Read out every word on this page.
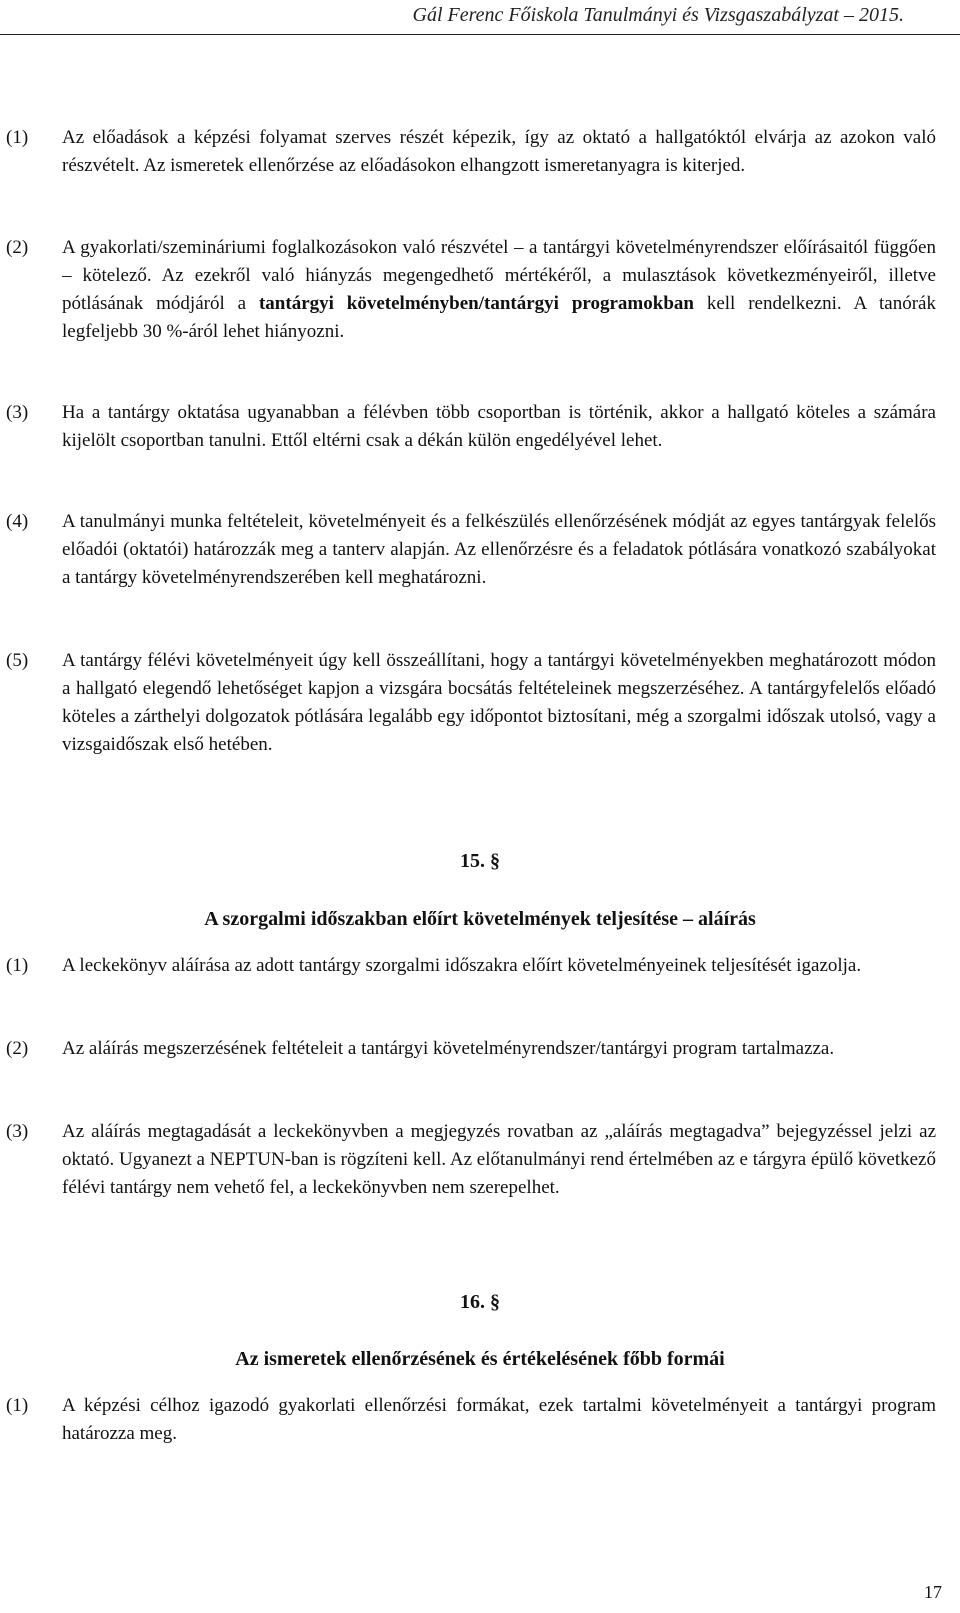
Gál Ferenc Főiskola Tanulmányi és Vizsgaszabályzat – 2015.
(1)	Az előadások a képzési folyamat szerves részét képezik, így az oktató a hallgatóktól elvárja az azokon való részvételt. Az ismeretek ellenőrzése az előadásokon elhangzott ismeretanyagra is kiterjed.
(2)	A gyakorlati/szemináriumi foglalkozásokon való részvétel – a tantárgyi követelményrendszer előírásaitól függően – kötelező. Az ezekről való hiányzás megengedhető mértékéről, a mulasztások következményeiről, illetve pótlásának módjáról a tantárgyi követelményben/tantárgyi programokban kell rendelkezni. A tanórák legfeljebb 30 %-áról lehet hiányozni.
(3)	Ha a tantárgy oktatása ugyanabban a félévben több csoportban is történik, akkor a hallgató köteles a számára kijelölt csoportban tanulni. Ettől eltérni csak a dékán külön engedélyével lehet.
(4)	A tanulmányi munka feltételeit, követelményeit és a felkészülés ellenőrzésének módját az egyes tantárgyak felelős előadói (oktatói) határozzák meg a tanterv alapján. Az ellenőrzésre és a feladatok pótlására vonatkozó szabályokat a tantárgy követelményrendszerében kell meghatározni.
(5)	A tantárgy félévi követelményeit úgy kell összeállítani, hogy a tantárgyi követelményekben meghatározott módon a hallgató elegendő lehetőséget kapjon a vizsgára bocsátás feltételeinek megszerzéséhez. A tantárgyfelelős előadó köteles a zárthelyi dolgozatok pótlására legalább egy időpontot biztosítani, még a szorgalmi időszak utolsó, vagy a vizsgaidőszak első hetében.
15. §
A szorgalmi időszakban előírt követelmények teljesítése – aláírás
(1)	A leckekönyv aláírása az adott tantárgy szorgalmi időszakra előírt követelményeinek teljesítését igazolja.
(2)	Az aláírás megszerzésének feltételeit a tantárgyi követelményrendszer/tantárgyi program tartalmazza.
(3)	Az aláírás megtagadását a leckekönyvben a megjegyzés rovatban az „aláírás megtagadva” bejegyzéssel jelzi az oktató. Ugyanezt a NEPTUN-ban is rögzíteni kell. Az előtanulmányi rend értelmében az e tárgyra épülő következő félévi tantárgy nem vehető fel, a leckekönyvben nem szerepelhet.
16. §
Az ismeretek ellenőrzésének és értékelésének főbb formái
(1)	A képzési célhoz igazodó gyakorlati ellenőrzési formákat, ezek tartalmi követelményeit a tantárgyi program határozza meg.
17
